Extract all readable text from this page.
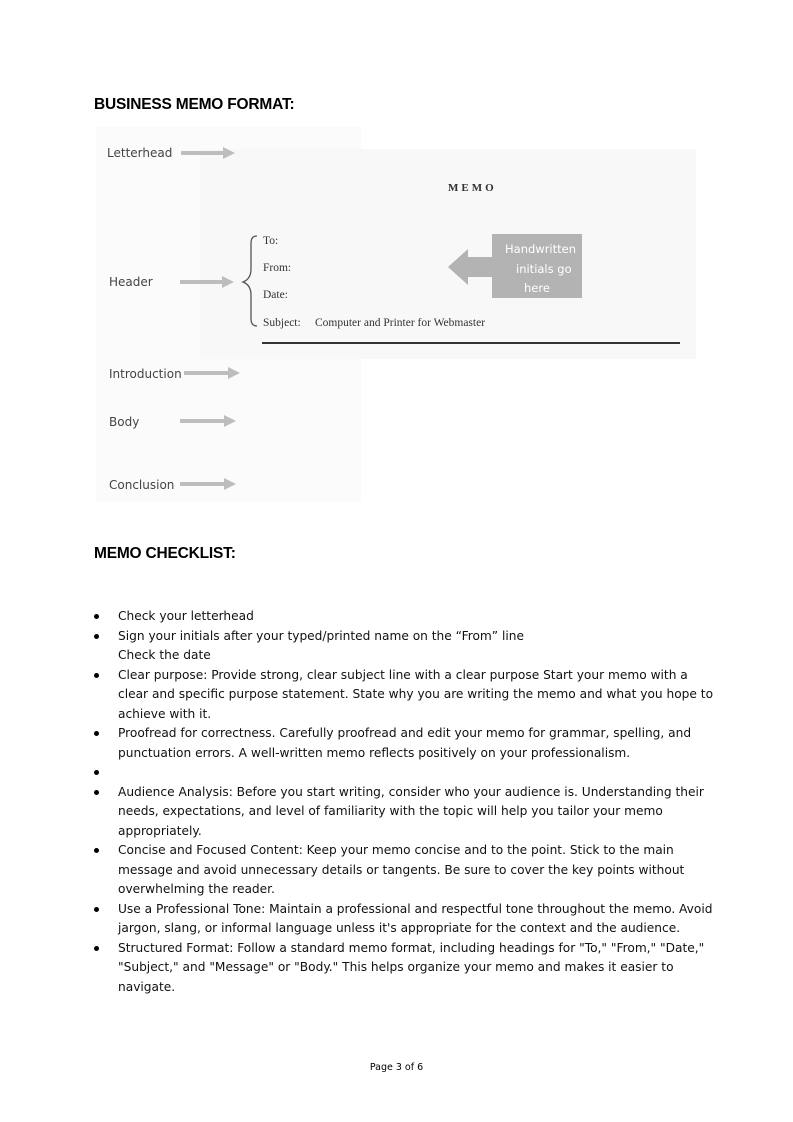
BUSINESS MEMO FORMAT:
Letterhead
Header
Introduction
Body
Conclusion
MEMO
To:
From:
Date:
Subject: Computer and Printer for Webmaster
Handwritten
initials go
here
MEMO CHECKLIST:
Check your letterhead
Sign your initials after your typed/printed name on the “From” line
Check the date
Clear purpose: Provide strong, clear subject line with a clear purpose Start your memo with a clear and specific purpose statement. State why you are writing the memo and what you hope to achieve with it.
Proofread for correctness. Carefully proofread and edit your memo for grammar, spelling, and punctuation errors. A well-written memo reflects positively on your professionalism.
Audience Analysis: Before you start writing, consider who your audience is. Understanding their needs, expectations, and level of familiarity with the topic will help you tailor your memo appropriately.
Concise and Focused Content: Keep your memo concise and to the point. Stick to the main message and avoid unnecessary details or tangents. Be sure to cover the key points without overwhelming the reader.
Use a Professional Tone: Maintain a professional and respectful tone throughout the memo. Avoid jargon, slang, or informal language unless it's appropriate for the context and the audience.
Structured Format: Follow a standard memo format, including headings for "To," "From," "Date," "Subject," and "Message" or "Body." This helps organize your memo and makes it easier to navigate.
Page 3 of 6
